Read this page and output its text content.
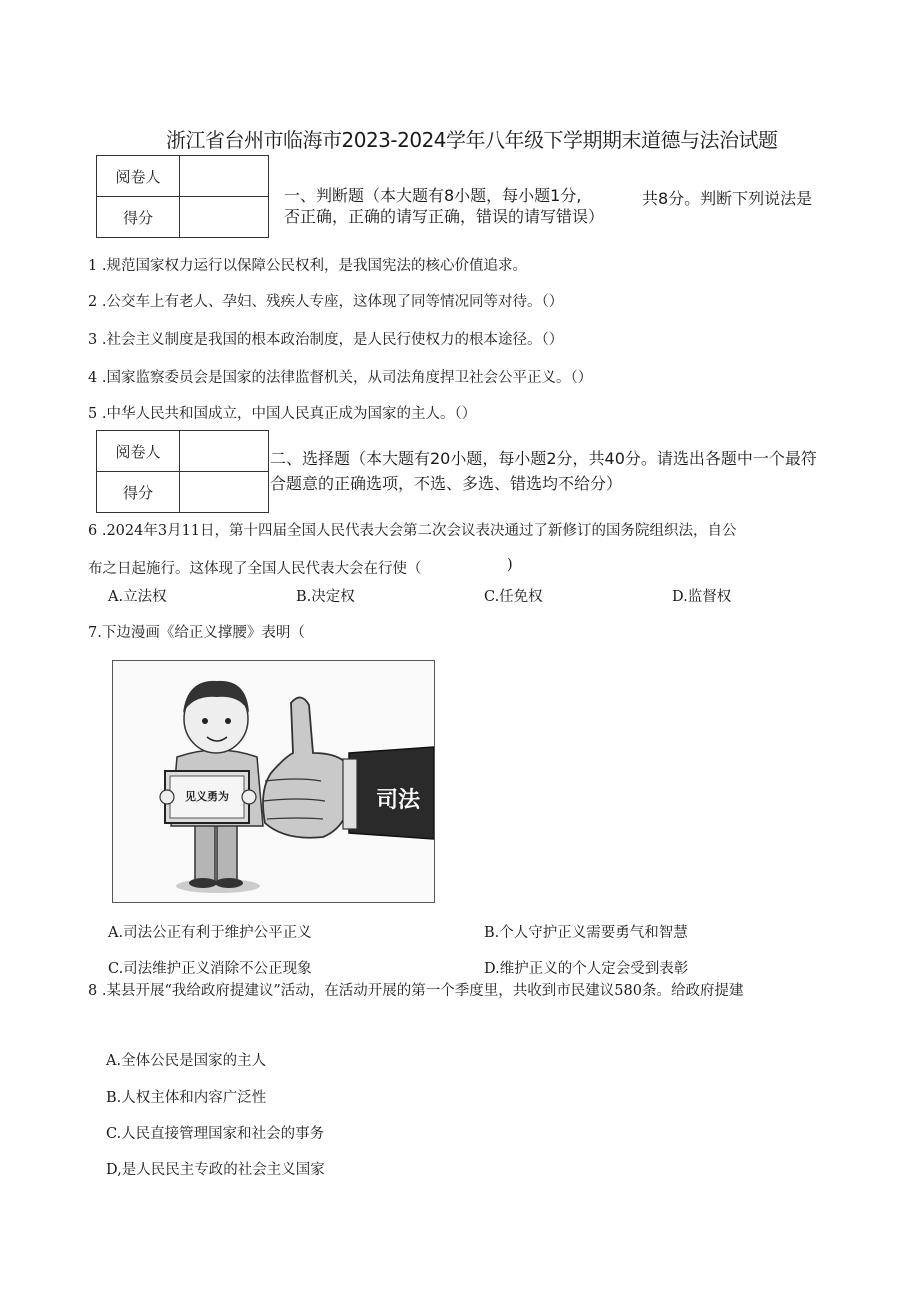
浙江省台州市临海市2023-2024学年八年级下学期期末道德与法治试题
阅卷人	
得分	
一、判断题（本大题有8小题，每小题1分,	共8分。判断下列说法是
否正确，正确的请写正确，错误的请写错误）
1 .规范国家权力运行以保障公民权利，是我国宪法的核心价值追求。
2 .公交车上有老人、孕妇、残疾人专座，这体现了同等情况同等对待。（）
3 .社会主义制度是我国的根本政治制度，是人民行使权力的根本途径。（）
4 .国家监察委员会是国家的法律监督机关，从司法角度捍卫社会公平正义。（）
5 .中华人民共和国成立，中国人民真正成为国家的主人。（）
阅卷人	
得分	
二、选择题（本大题有20小题，每小题2分，共40分。请选出各题中一个最符
合题意的正确选项，不选、多选、错选均不给分）
6 .2024年3月11日，第十四届全国人民代表大会第二次会议表决通过了新修订的国务院组织法，自公
布之日起施行。这体现了全国人民代表大会在行使（	)
A.立法权	B.决定权	C.任免权	D.监督权
7.下边漫画《给正义撑腰》表明（
见义勇为	司法
A.司法公正有利于维护公平正义	B.个人守护正义需要勇气和智慧
C.司法维护正义消除不公正现象	D.维护正义的个人定会受到表彰
8 .某县开展“我给政府提建议”活动，在活动开展的第一个季度里，共收到市民建议580条。给政府提建
A.全体公民是国家的主人
B.人权主体和内容广泛性
C.人民直接管理国家和社会的事务
D,是人民民主专政的社会主义国家
